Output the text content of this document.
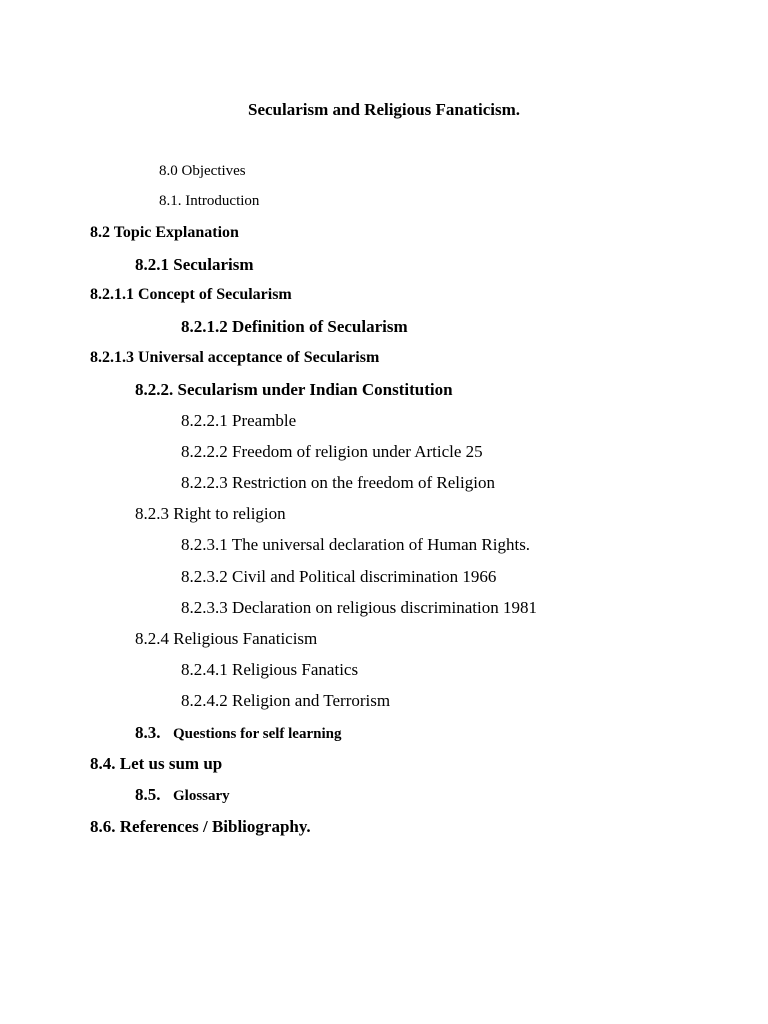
Secularism and Religious Fanaticism.
8.0 Objectives
8.1. Introduction
8.2 Topic Explanation
8.2.1 Secularism
8.2.1.1 Concept of Secularism
8.2.1.2 Definition of Secularism
8.2.1.3 Universal acceptance of Secularism
8.2.2. Secularism under Indian Constitution
8.2.2.1 Preamble
8.2.2.2 Freedom of religion under Article 25
8.2.2.3 Restriction on the freedom of Religion
8.2.3 Right to religion
8.2.3.1 The universal declaration of Human Rights.
8.2.3.2 Civil and Political discrimination 1966
8.2.3.3 Declaration on religious discrimination 1981
8.2.4 Religious Fanaticism
8.2.4.1 Religious Fanatics
8.2.4.2 Religion and Terrorism
8.3. Questions for self learning
8.4. Let us sum up
8.5. Glossary
8.6. References / Bibliography.
